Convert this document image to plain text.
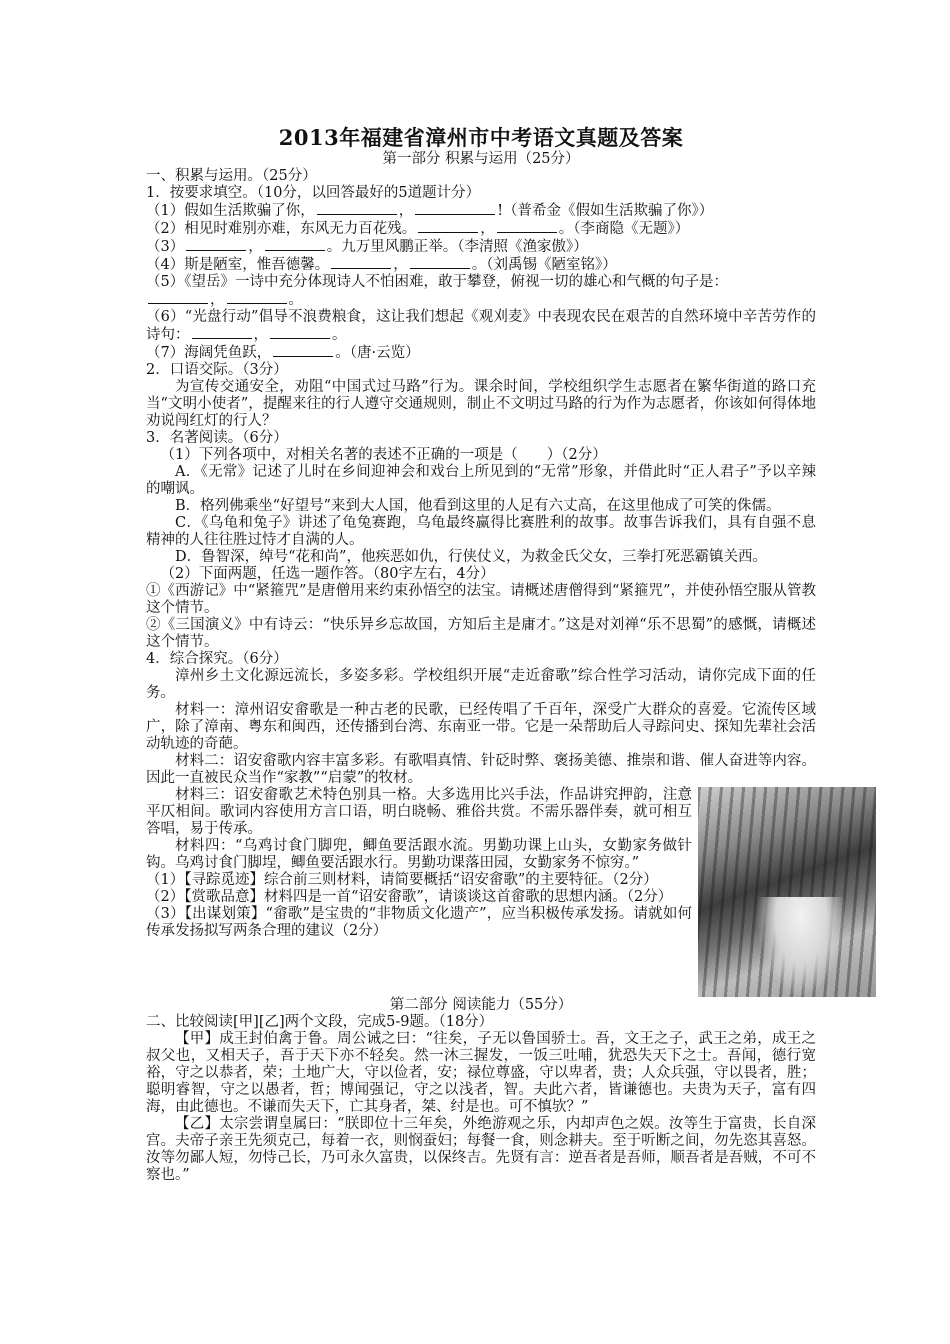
2013年福建省漳州市中考语文真题及答案

第一部分 积累与运用（25分）

一、积累与运用。（25分）

1．按要求填空。（10分，以回答最好的5道题计分）

（1）假如生活欺骗了你，	，	!（普希金《假如生活欺骗了你》）

（2）相见时难别亦难，东风无力百花残。	，	。（李商隐《无题》）

（3）	，	。九万里风鹏正举。（李清照《渔家傲》）

（4）斯是陋室，惟吾德馨。	，	。（刘禹锡《陋室铭》）

（5）《望岳》一诗中充分体现诗人不怕困难，敢于攀登，俯视一切的雄心和气概的句子是：

，	。

（6）“光盘行动”倡导不浪费粮食，这让我们想起《观刈麦》中表现农民在艰苦的自然环境中辛苦劳作的诗句：	，	。

（7）海阔凭鱼跃，	。（唐·云览）

2．口语交际。（3分）

为宣传交通安全，劝阻“中国式过马路”行为。课余时间，学校组织学生志愿者在繁华街道的路口充当“文明小使者”，提醒来往的行人遵守交通规则，制止不文明过马路的行为作为志愿者，你该如何得体地劝说闯红灯的行人？

3．名著阅读。（6分）

（1）下列各项中，对相关名著的表述不正确的一项是（　　）（2分）

A．《无常》记述了儿时在乡间迎神会和戏台上所见到的“无常”形象，并借此时“正人君子”予以辛辣的嘲讽。

B．格列佛乘坐“好望号”来到大人国，他看到这里的人足有六丈高，在这里他成了可笑的侏儒。

C．《乌龟和兔子》讲述了龟兔赛跑，乌龟最终赢得比赛胜利的故事。故事告诉我们，具有自强不息精神的人往往胜过恃才自满的人。

D．鲁智深，绰号“花和尚”，他疾恶如仇，行侠仗义，为救金氏父女，三拳打死恶霸镇关西。

（2）下面两题，任选一题作答。（80字左右，4分）

①《西游记》中“紧箍咒”是唐僧用来约束孙悟空的法宝。请概述唐僧得到“紧箍咒”，并使孙悟空服从管教这个情节。

②《三国演义》中有诗云：“快乐异乡忘故国，方知后主是庸才。”这是对刘禅“乐不思蜀”的感慨，请概述这个情节。

4．综合探究。（6分）

漳州乡土文化源远流长，多姿多彩。学校组织开展“走近畲歌”综合性学习活动，请你完成下面的任务。

材料一：漳州诏安畲歌是一种古老的民歌，已经传唱了千百年，深受广大群众的喜爱。它流传区域广，除了漳南、粤东和闽西，还传播到台湾、东南亚一带。它是一朵帮助后人寻踪问史、探知先辈社会活动轨迹的奇葩。

材料二：诏安畲歌内容丰富多彩。有歌唱真情、针砭时弊、褒扬美德、推崇和谐、催人奋进等内容。因此一直被民众当作“家教”“启蒙”的牧材。

材料三：诏安畲歌艺术特色别具一格。大多选用比兴手法，作品讲究押韵，注意平仄相间。歌词内容使用方言口语，明白晓畅、雅俗共赏。不需乐器伴奏，就可相互答唱，易于传承。

材料四：“乌鸡讨食门脚兜，鲫鱼要活跟水流。男勤功课上山头，女勤家务做针钩。乌鸡讨食门脚埕，鲫鱼要活跟水行。男勤功课落田园，女勤家务不惊穷。”

（1）【寻踪觅迹】综合前三则材料，请简要概括“诏安畲歌”的主要特征。（2分）

（2）【赏歌品意】材料四是一首“诏安畲歌”，请谈谈这首畲歌的思想内涵。（2分）

（3）【出谋划策】“畲歌”是宝贵的“非物质文化遗产”，应当积极传承发扬。请就如何传承发扬拟写两条合理的建议（2分）

第二部分 阅读能力（55分）

二、比较阅读[甲][乙]两个文段，完成5-9题。（18分）

【甲】成王封伯禽于鲁。周公诫之曰：“往矣，子无以鲁国骄士。吾，文王之子，武王之弟，成王之叔父也，又相天子，吾于天下亦不轻矣。然一沐三握发，一饭三吐哺，犹恐失天下之士。吾闻，德行宽裕，守之以恭者，荣；土地广大，守以俭者，安；禄位尊盛，守以卑者，贵；人众兵强，守以畏者，胜；聪明睿智，守之以愚者，哲；博闻强记，守之以浅者，智。夫此六者，皆谦德也。夫贵为天子，富有四海，由此德也。不谦而失天下，亡其身者，桀、纣是也。可不慎欤？”

【乙】太宗尝谓皇属曰：“朕即位十三年矣，外绝游观之乐，内却声色之娱。汝等生于富贵，长自深宫。夫帝子亲王先须克己，每着一衣，则悯蚕妇；每餐一食，则念耕夫。至于听断之间，勿先恣其喜怒。汝等勿鄙人短，勿恃己长，乃可永久富贵，以保终吉。先贤有言：逆吾者是吾师，顺吾者是吾贼，不可不察也。”
